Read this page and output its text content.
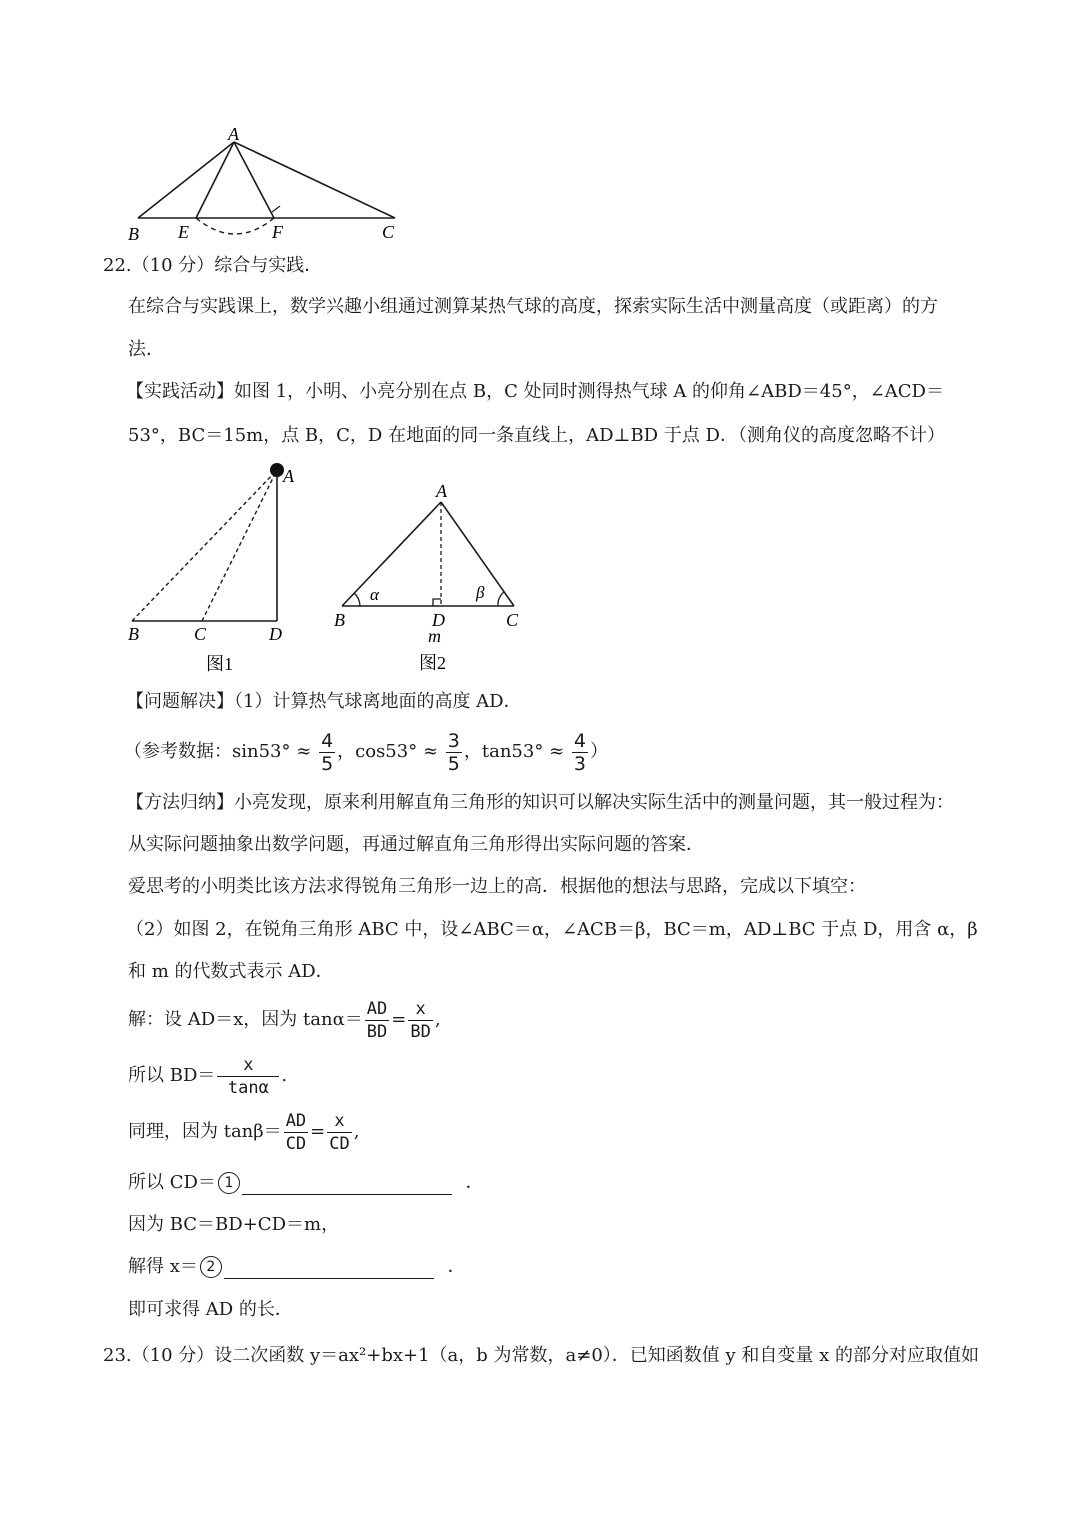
A
B E	F	C
22.（10 分）综合与实践．
在综合与实践课上，数学兴趣小组通过测算某热气球的高度，探索实际生活中测量高度（或距离）的方
法．
【实践活动】如图 1，小明、小亮分别在点 B，C 处同时测得热气球 A 的仰角∠ABD＝45°，∠ACD＝
53°，BC＝15m，点 B，C，D 在地面的同一条直线上，AD⊥BD 于点 D．（测角仪的高度忽略不计）
A
B	C	D
图1
A
α	β
B	D	C
m
图2
【问题解决】（1）计算热气球离地面的高度 AD．
（参考数据：$\sin 53^\circ \approx \frac{4}{5}$ ，$\cos 53^\circ \approx \frac{3}{5}$ ，$\tan 53^\circ \approx \frac{4}{3}$ ）
【方法归纳】小亮发现，原来利用解直角三角形的知识可以解决实际生活中的测量问题，其一般过程为：
从实际问题抽象出数学问题，再通过解直角三角形得出实际问题的答案．
爱思考的小明类比该方法求得锐角三角形一边上的高．根据他的想法与思路，完成以下填空：
（2）如图 2，在锐角三角形 ABC 中，设∠ABC＝α，∠ACB＝β，BC＝m，AD⊥BC 于点 D，用含 α，β
和 m 的代数式表示 AD．
解：设 AD＝x，因为 $\tan\alpha= \frac{AD}{BD} = \frac{x}{BD}$ ,
所以 $BD= \frac{x}{\tan\alpha}$ .
同理，因为 $\tan\beta= \frac{AD}{CD} = \frac{x}{CD}$ ,
所以 CD＝ 1	．
因为 BC＝BD+CD＝m，
解得 x＝ 2	．
即可求得 AD 的长．
23.（10 分）设二次函数 y＝ax²+bx+1（a，b 为常数，a≠0）．已知函数值 y 和自变量 x 的部分对应取值如
